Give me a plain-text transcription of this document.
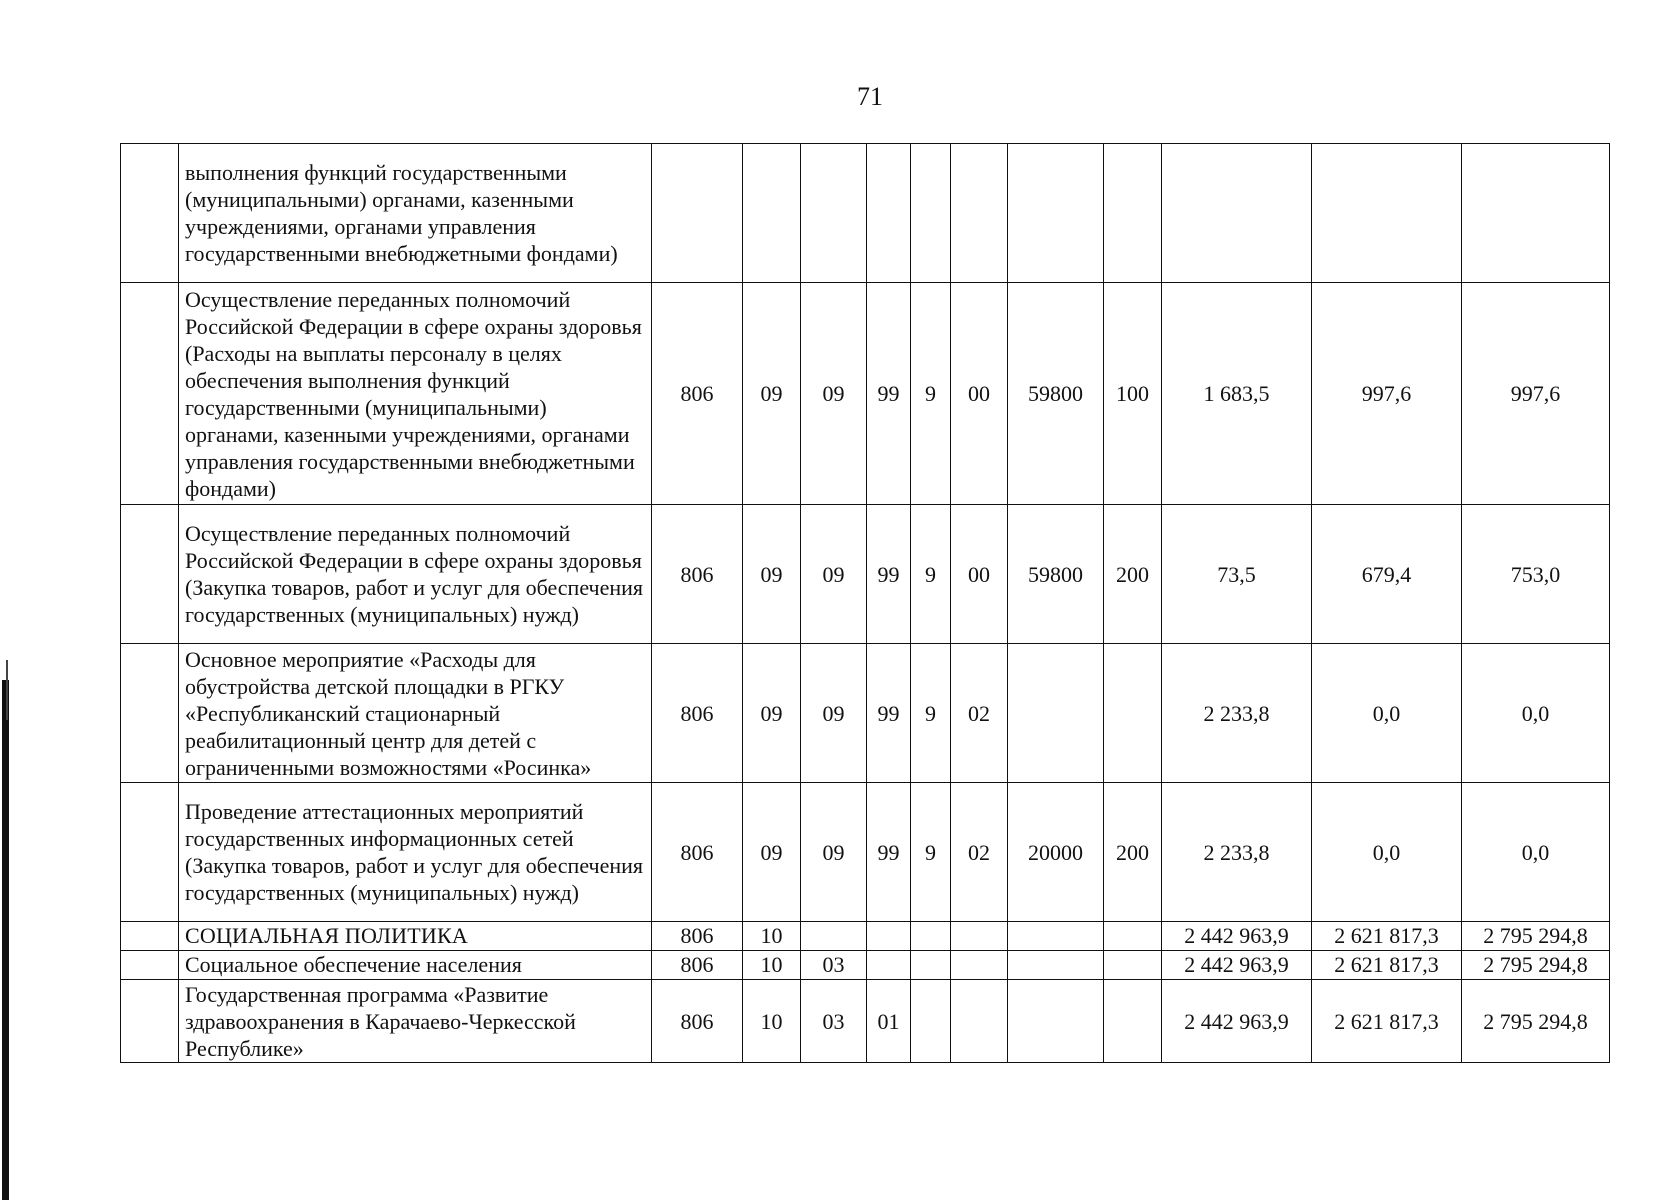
71
	выполнения функций государственными (муниципальными) органами, казенными учреждениями, органами управления государственными внебюджетными фондами)											
	Осуществление переданных полномочий Российской Федерации в сфере охраны здоровья (Расходы на выплаты персоналу в целях обеспечения выполнения функций государственными (муниципальными) органами, казенными учреждениями, органами управления государственными внебюджетными фондами)	806	09	09	99	9	00	59800	100	1 683,5	997,6	997,6
	Осуществление переданных полномочий Российской Федерации в сфере охраны здоровья (Закупка товаров, работ и услуг для обеспечения государственных (муниципальных) нужд)	806	09	09	99	9	00	59800	200	73,5	679,4	753,0
	Основное мероприятие «Расходы для обустройства детской площадки в РГКУ «Республиканский стационарный реабилитационный центр для детей с ограниченными возможностями «Росинка»	806	09	09	99	9	02			2 233,8	0,0	0,0
	Проведение аттестационных мероприятий государственных информационных сетей (Закупка товаров, работ и услуг для обеспечения государственных (муниципальных) нужд)	806	09	09	99	9	02	20000	200	2 233,8	0,0	0,0
	СОЦИАЛЬНАЯ ПОЛИТИКА	806	10							2 442 963,9	2 621 817,3	2 795 294,8
	Социальное обеспечение населения	806	10	03						2 442 963,9	2 621 817,3	2 795 294,8
	Государственная программа «Развитие здравоохранения в Карачаево-Черкесской Республике»	806	10	03	01					2 442 963,9	2 621 817,3	2 795 294,8
